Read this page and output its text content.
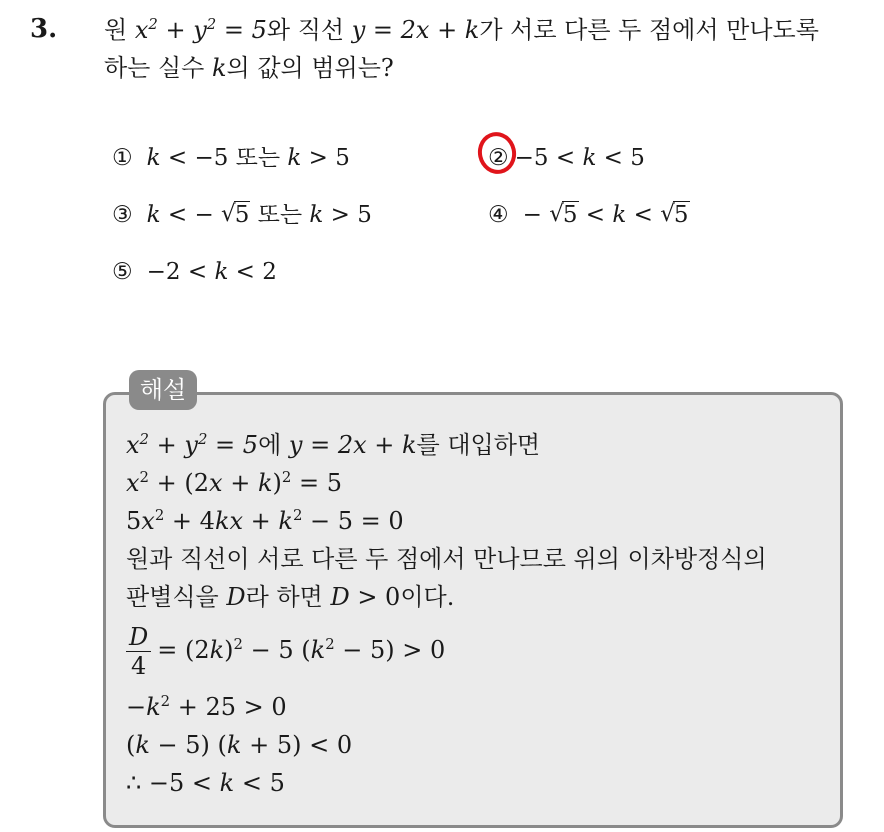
3. 원 $x^2 + y^2 = 5$와 직선 y = 2x + k가 서로 다른 두 점에서 만나도록
하는 실수 k의 값의 범위는?
① k < −5 또는 k > 5	② −5 < k < 5
③ k < − √ 5 또는 k > 5	④ − √ 5 < k < √ 5
⑤ −2 < k < 2
해설
$x^2 + y^2 = 5$에 y = 2x + k를 대입하면
$x^2 + (2x + k)^2 = 5$
$5x^2 + 4kx + k^2 - 5 = 0$
원과 직선이 서로 다른 두 점에서 만나므로 위의 이차방정식의
판별식을 D라 하면 D > 0이다.
$\frac{D}{4} = (2k)^2 - 5$ $(k^2 - 5) > 0$
$-k^2 + 25 > 0$
(k − 5) (k + 5) < 0
∴ −5 < k < 5
